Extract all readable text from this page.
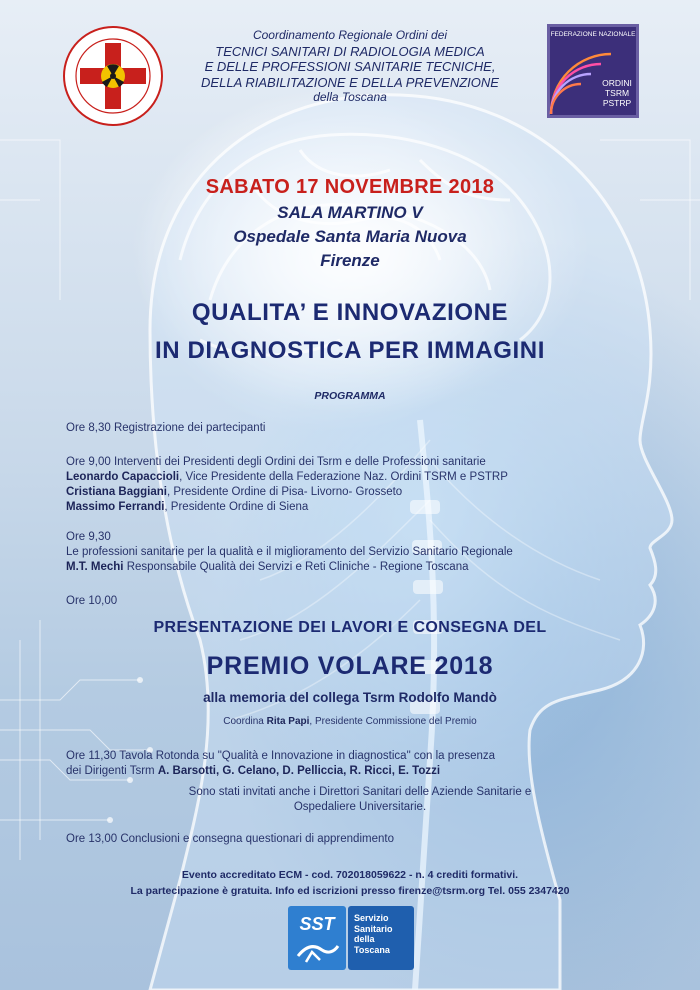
FEDERAZIONE NAZIONALE
ORDINI
TSRM
PSTRP
Coordinamento Regionale Ordini dei
TECNICI SANITARI DI RADIOLOGIA MEDICA
E DELLE PROFESSIONI SANITARIE TECNICHE,
DELLA RIABILITAZIONE E DELLA PREVENZIONE
della Toscana
SABATO 17 NOVEMBRE 2018
SALA MARTINO V
Ospedale Santa Maria Nuova
Firenze
QUALITA’ E INNOVAZIONE
IN DIAGNOSTICA PER IMMAGINI
PROGRAMMA
Ore 8,30 Registrazione dei partecipanti
Ore 9,00 Interventi dei Presidenti degli Ordini dei Tsrm e delle Professioni sanitarie
Leonardo Capaccioli, Vice Presidente della Federazione Naz. Ordini TSRM e PSTRP
Cristiana Baggiani, Presidente Ordine di Pisa- Livorno- Grosseto
Massimo Ferrandi, Presidente Ordine di Siena
Ore 9,30
Le professioni sanitarie per la qualità e il miglioramento del Servizio Sanitario Regionale
M.T. Mechi Responsabile Qualità dei Servizi e Reti Cliniche - Regione Toscana
Ore 10,00
PRESENTAZIONE DEI LAVORI E CONSEGNA DEL
PREMIO VOLARE 2018
alla memoria del collega Tsrm Rodolfo Mandò
Coordina Rita Papi, Presidente Commissione del Premio
Ore 11,30 Tavola Rotonda su "Qualità e Innovazione in diagnostica" con la presenza
dei Dirigenti Tsrm A. Barsotti, G. Celano, D. Pelliccia, R. Ricci, E. Tozzi
Sono stati invitati anche i Direttori Sanitari delle Aziende Sanitarie e
Ospedaliere Universitarie.
Ore 13,00 Conclusioni e consegna questionari di apprendimento
Evento accreditato ECM - cod. 702018059622 - n. 4 crediti formativi.
La partecipazione è gratuita. Info ed iscrizioni presso firenze@tsrm.org Tel. 055 2347420
SST Servizio
Sanitario
della
Toscana
